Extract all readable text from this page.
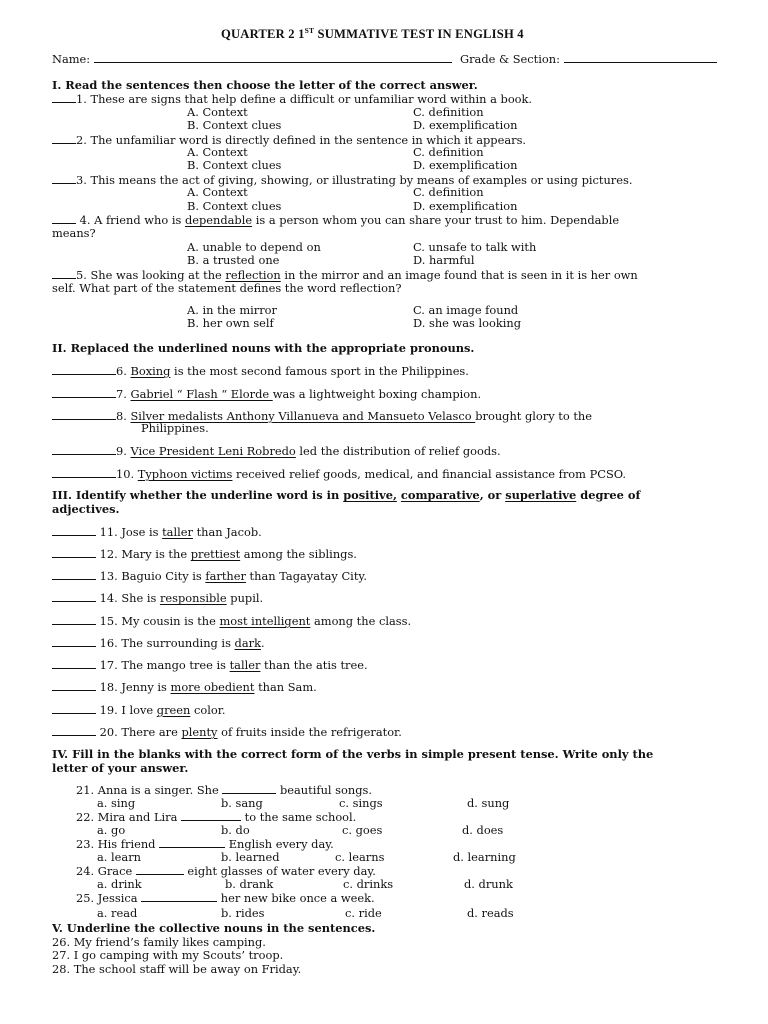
QUARTER 2 1ST SUMMATIVE TEST IN ENGLISH 4
Name:	Grade & Section:
I. Read the sentences then choose the letter of the correct answer.
1. These are signs that help define a difficult or unfamiliar word within a book.
A. Context	C. definition
B. Context clues	D. exemplification
2. The unfamiliar word is directly defined in the sentence in which it appears.
A. Context	C. definition
B. Context clues	D. exemplification
3. This means the act of giving, showing, or illustrating by means of examples or using pictures.
A. Context	C. definition
B. Context clues	D. exemplification
4. A friend who is dependable is a person whom you can share your trust to him. Dependable
means?
A. unable to depend on	C. unsafe to talk with
B. a trusted one	D. harmful
5. She was looking at the reflection in the mirror and an image found that is seen in it is her own
self. What part of the statement defines the word reflection?
A. in the mirror	C. an image found
B. her own self	D. she was looking
II. Replaced the underlined nouns with the appropriate pronouns.
6. Boxing is the most second famous sport in the Philippines.
7. Gabriel “ Flash “ Elorde was a lightweight boxing champion.
8. Silver medalists Anthony Villanueva and Mansueto Velasco brought glory to the
Philippines.
9. Vice President Leni Robredo led the distribution of relief goods.
10. Typhoon victims received relief goods, medical, and financial assistance from PCSO.
III. Identify whether the underline word is in positive, comparative, or superlative degree of
adjectives.
11. Jose is taller than Jacob.
12. Mary is the prettiest among the siblings.
13. Baguio City is farther than Tagayatay City.
14. She is responsible pupil.
15. My cousin is the most intelligent among the class.
16. The surrounding is dark.
17. The mango tree is taller than the atis tree.
18. Jenny is more obedient than Sam.
19. I love green color.
20. There are plenty of fruits inside the refrigerator.
IV. Fill in the blanks with the correct form of the verbs in simple present tense. Write only the
letter of your answer.
21. Anna is a singer. She	beautiful songs.
a. sing	b. sang	c. sings	d. sung
22. Mira and Lira	to the same school.
a. go	b. do	c. goes	d. does
23. His friend	English every day.
a. learn	b. learned	c. learns	d. learning
24. Grace	eight glasses of water every day.
a. drink	b. drank	c. drinks	d. drunk
25. Jessica	her new bike once a week.
a. read	b. rides	c. ride	d. reads
V. Underline the collective nouns in the sentences.
26. My friend’s family likes camping.
27. I go camping with my Scouts’ troop.
28. The school staff will be away on Friday.
